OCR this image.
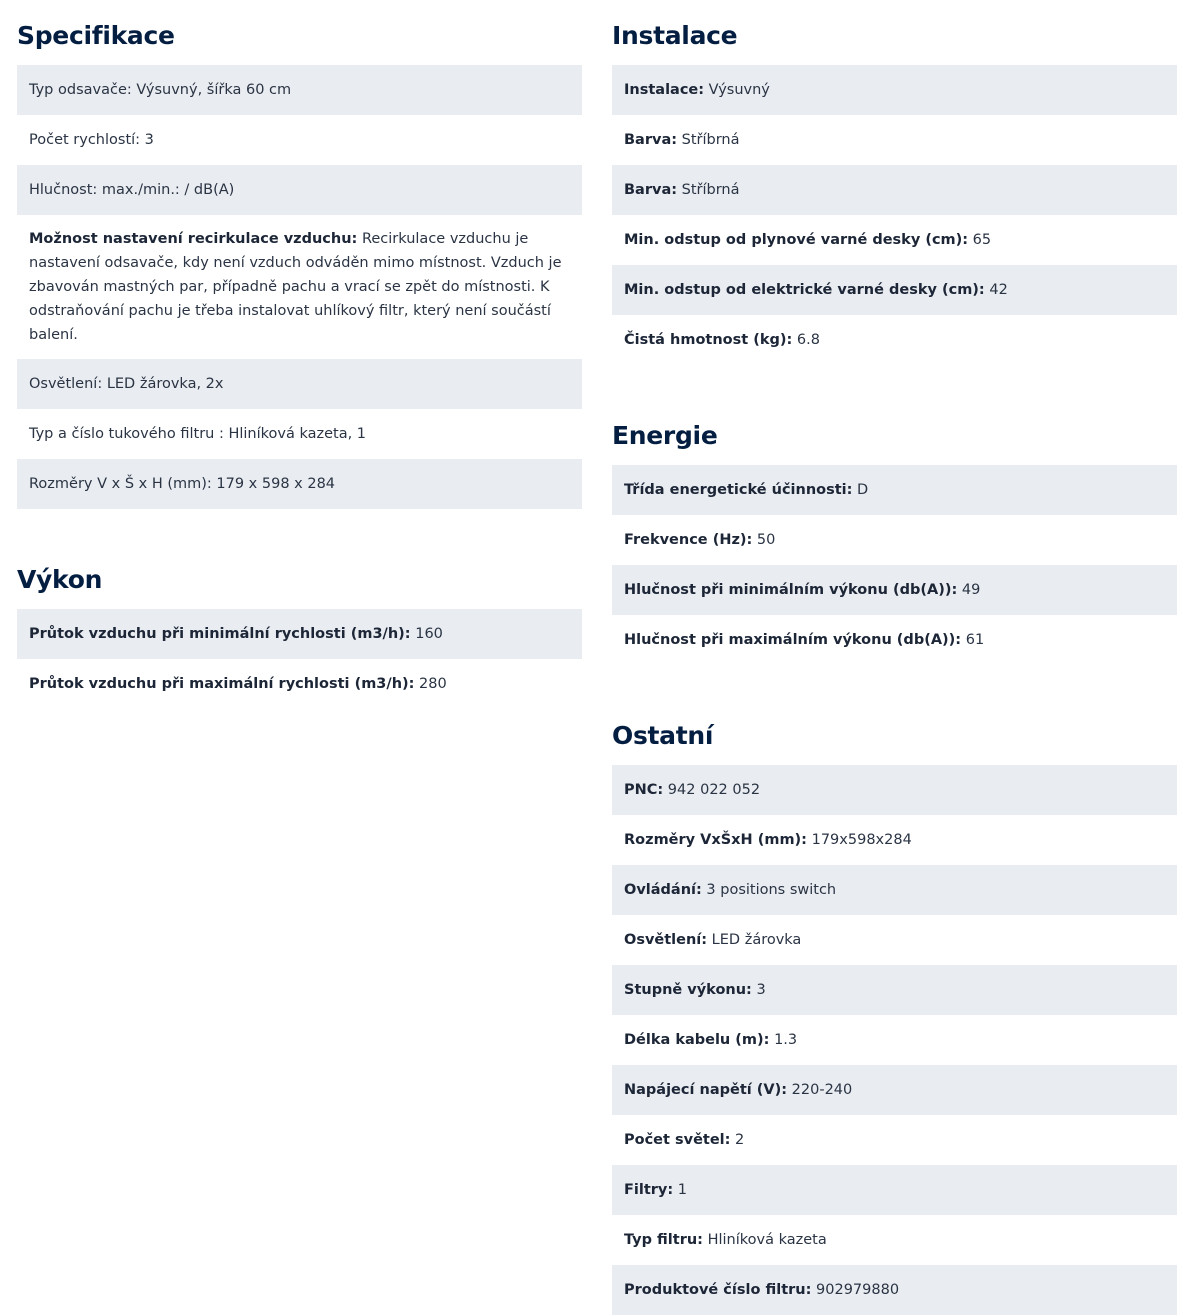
Specifikace
Typ odsavače: Výsuvný, šířka 60 cm
Počet rychlostí: 3
Hlučnost: max./min.: / dB(A)
Možnost nastavení recirkulace vzduchu: Recirkulace vzduchu je nastavení odsavače, kdy není vzduch odváděn mimo místnost. Vzduch je zbavován mastných par, případně pachu a vrací se zpět do místnosti. K odstraňování pachu je třeba instalovat uhlíkový filtr, který není součástí balení.
Osvětlení: LED žárovka, 2x
Typ a číslo tukového filtru : Hliníková kazeta, 1
Rozměry V x Š x H (mm): 179 x 598 x 284
Výkon
Průtok vzduchu při minimální rychlosti (m3/h): 160
Průtok vzduchu při maximální rychlosti (m3/h): 280
Instalace
Instalace: Výsuvný
Barva: Stříbrná
Barva: Stříbrná
Min. odstup od plynové varné desky (cm): 65
Min. odstup od elektrické varné desky (cm): 42
Čistá hmotnost (kg): 6.8
Energie
Třída energetické účinnosti: D
Frekvence (Hz): 50
Hlučnost při minimálním výkonu (db(A)): 49
Hlučnost při maximálním výkonu (db(A)): 61
Ostatní
PNC: 942 022 052
Rozměry VxŠxH (mm): 179x598x284
Ovládání: 3 positions switch
Osvětlení: LED žárovka
Stupně výkonu: 3
Délka kabelu (m): 1.3
Napájecí napětí (V): 220-240
Počet světel: 2
Filtry: 1
Typ filtru: Hliníková kazeta
Produktové číslo filtru: 902979880
